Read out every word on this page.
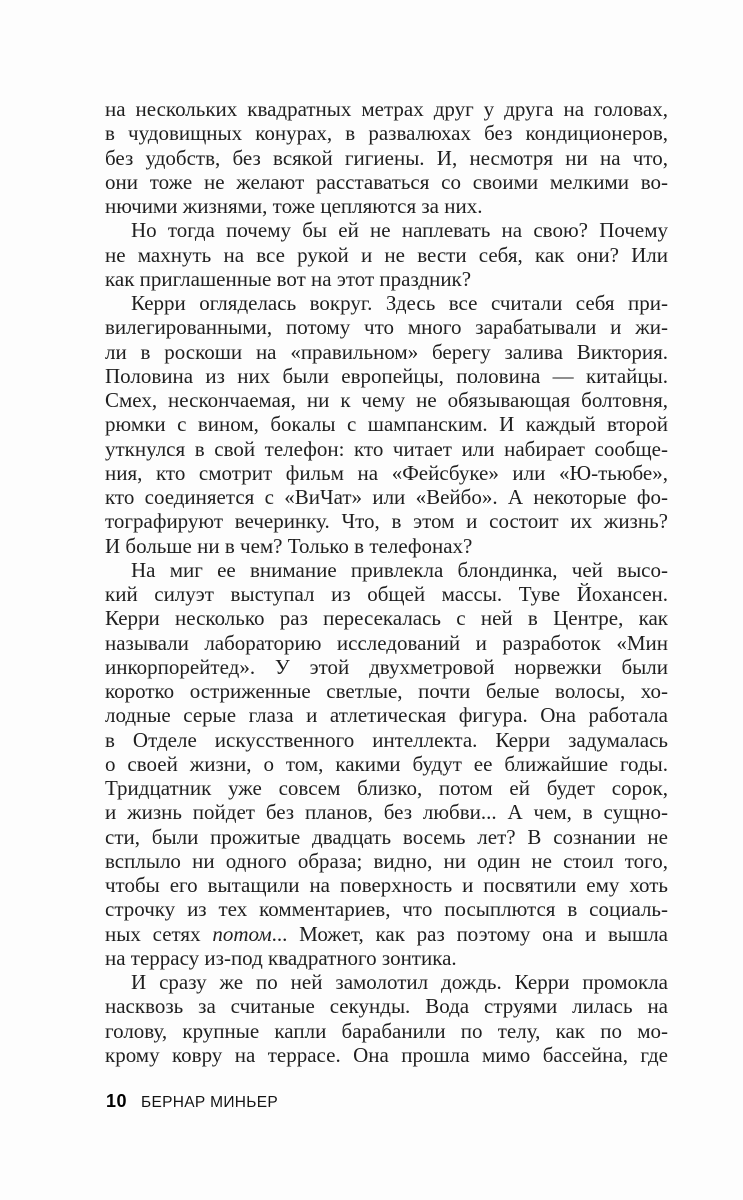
на нескольких квадратных метрах друг у друга на головах,
в чудовищных конурах, в развалюхах без кондиционеров,
без удобств, без всякой гигиены. И, несмотря ни на что,
они тоже не желают расставаться со своими мелкими во-
нючими жизнями, тоже цепляются за них.
Но тогда почему бы ей не наплевать на свою? Почему
не махнуть на все рукой и не вести себя, как они? Или
как приглашенные вот на этот праздник?
Керри огляделась вокруг. Здесь все считали себя при-
вилегированными, потому что много зарабатывали и жи-
ли в роскоши на «правильном» берегу залива Виктория.
Половина из них были европейцы, половина — китайцы.
Смех, нескончаемая, ни к чему не обязывающая болтовня,
рюмки с вином, бокалы с шампанским. И каждый второй
уткнулся в свой телефон: кто читает или набирает сообще-
ния, кто смотрит фильм на «Фейсбуке» или «Ю-тьюбе»,
кто соединяется с «ВиЧат» или «Вейбо». А некоторые фо-
тографируют вечеринку. Что, в этом и состоит их жизнь?
И больше ни в чем? Только в телефонах?
На миг ее внимание привлекла блондинка, чей высо-
кий силуэт выступал из общей массы. Туве Йохансен.
Керри несколько раз пересекалась с ней в Центре, как
называли лабораторию исследований и разработок «Мин
инкорпорейтед». У этой двухметровой норвежки были
коротко остриженные светлые, почти белые волосы, хо-
лодные серые глаза и атлетическая фигура. Она работала
в Отделе искусственного интеллекта. Керри задумалась
о своей жизни, о том, какими будут ее ближайшие годы.
Тридцатник уже совсем близко, потом ей будет сорок,
и жизнь пойдет без планов, без любви... А чем, в сущно-
сти, были прожитые двадцать восемь лет? В сознании не
всплыло ни одного образа; видно, ни один не стоил того,
чтобы его вытащили на поверхность и посвятили ему хоть
строчку из тех комментариев, что посыплются в социаль-
ных сетях потом... Может, как раз поэтому она и вышла
на террасу из-под квадратного зонтика.
И сразу же по ней замолотил дождь. Керри промокла
насквозь за считаные секунды. Вода струями лилась на
голову, крупные капли барабанили по телу, как по мо-
крому ковру на террасе. Она прошла мимо бассейна, где
10 БЕРНАР МИНЬЕР
